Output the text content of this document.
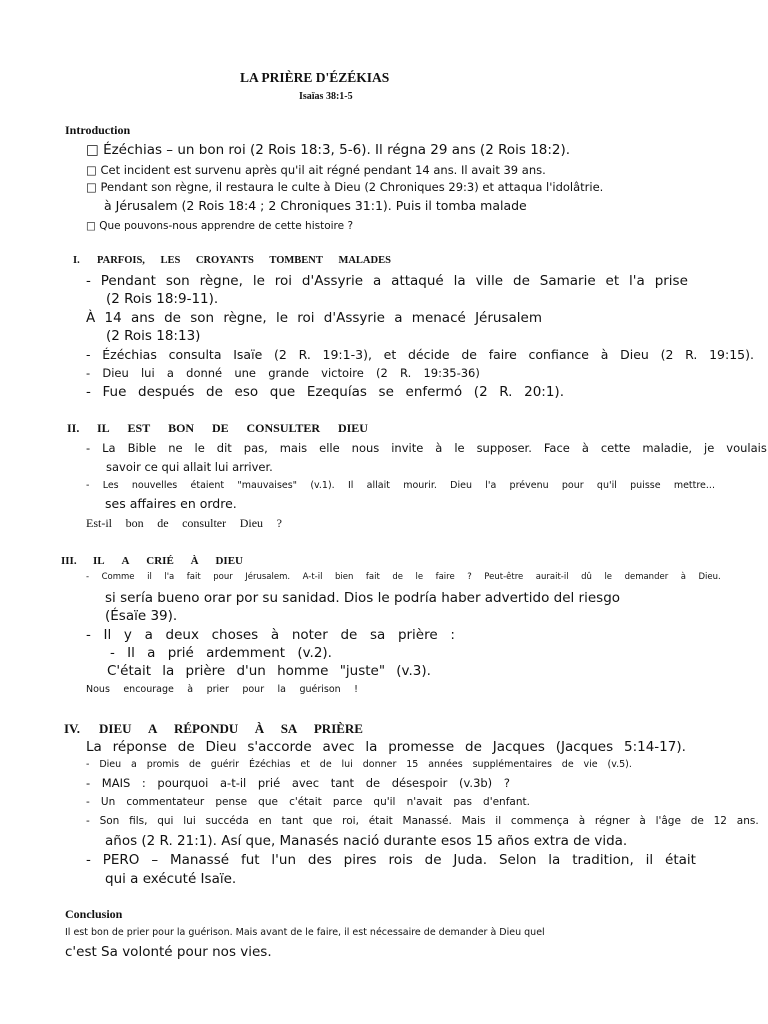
LA PRIÈRE D'ÉZÉKIAS
Isaïas 38:1-5
Introduction
□ Ézéchias – un bon roi (2 Rois 18:3, 5-6). Il régna 29 ans (2 Rois 18:2).
□ Cet incident est survenu après qu'il ait régné pendant 14 ans. Il avait 39 ans.
□ Pendant son règne, il restaura le culte à Dieu (2 Chroniques 29:3) et attaqua l'idolâtrie.
à Jérusalem (2 Rois 18:4 ; 2 Chroniques 31:1). Puis il tomba malade
□ Que pouvons-nous apprendre de cette histoire ?
I. PARFOIS, LES CROYANTS TOMBENT MALADES
- Pendant son règne, le roi d'Assyrie a attaqué la ville de Samarie et l'a prise
(2 Rois 18:9-11).
À 14 ans de son règne, le roi d'Assyrie a menacé Jérusalem
(2 Rois 18:13)
- Ézéchias consulta Isaïe (2 R. 19:1-3), et décide de faire confiance à Dieu (2 R. 19:15).
- Dieu lui a donné une grande victoire (2 R. 19:35-36)
- Fue después de eso que Ezequías se enfermó (2 R. 20:1).
II. IL EST BON DE CONSULTER DIEU
- La Bible ne le dit pas, mais elle nous invite à le supposer. Face à cette maladie, je voulais
savoir ce qui allait lui arriver.
- Les nouvelles étaient "mauvaises" (v.1). Il allait mourir. Dieu l'a prévenu pour qu'il puisse mettre...
ses affaires en ordre.
Est-il bon de consulter Dieu ?
III. IL A CRIÉ À DIEU
- Comme il l'a fait pour Jérusalem. A-t-il bien fait de le faire ? Peut-être aurait-il dû le demander à Dieu.
si sería bueno orar por su sanidad. Dios le podría haber advertido del riesgo
(Ésaïe 39).
- Il y a deux choses à noter de sa prière :
- Il a prié ardemment (v.2).
C'était la prière d'un homme "juste" (v.3).
Nous encourage à prier pour la guérison !
IV. DIEU A RÉPONDU À SA PRIÈRE
La réponse de Dieu s'accorde avec la promesse de Jacques (Jacques 5:14-17).
- Dieu a promis de guérir Ézéchias et de lui donner 15 années supplémentaires de vie (v.5).
- MAIS : pourquoi a-t-il prié avec tant de désespoir (v.3b) ?
- Un commentateur pense que c'était parce qu'il n'avait pas d'enfant.
- Son fils, qui lui succéda en tant que roi, était Manassé. Mais il commença à régner à l'âge de 12 ans.
años (2 R. 21:1). Así que, Manasés nació durante esos 15 años extra de vida.
- PERO – Manassé fut l'un des pires rois de Juda. Selon la tradition, il était
qui a exécuté Isaïe.
Conclusion
Il est bon de prier pour la guérison. Mais avant de le faire, il est nécessaire de demander à Dieu quel
c'est Sa volonté pour nos vies.
